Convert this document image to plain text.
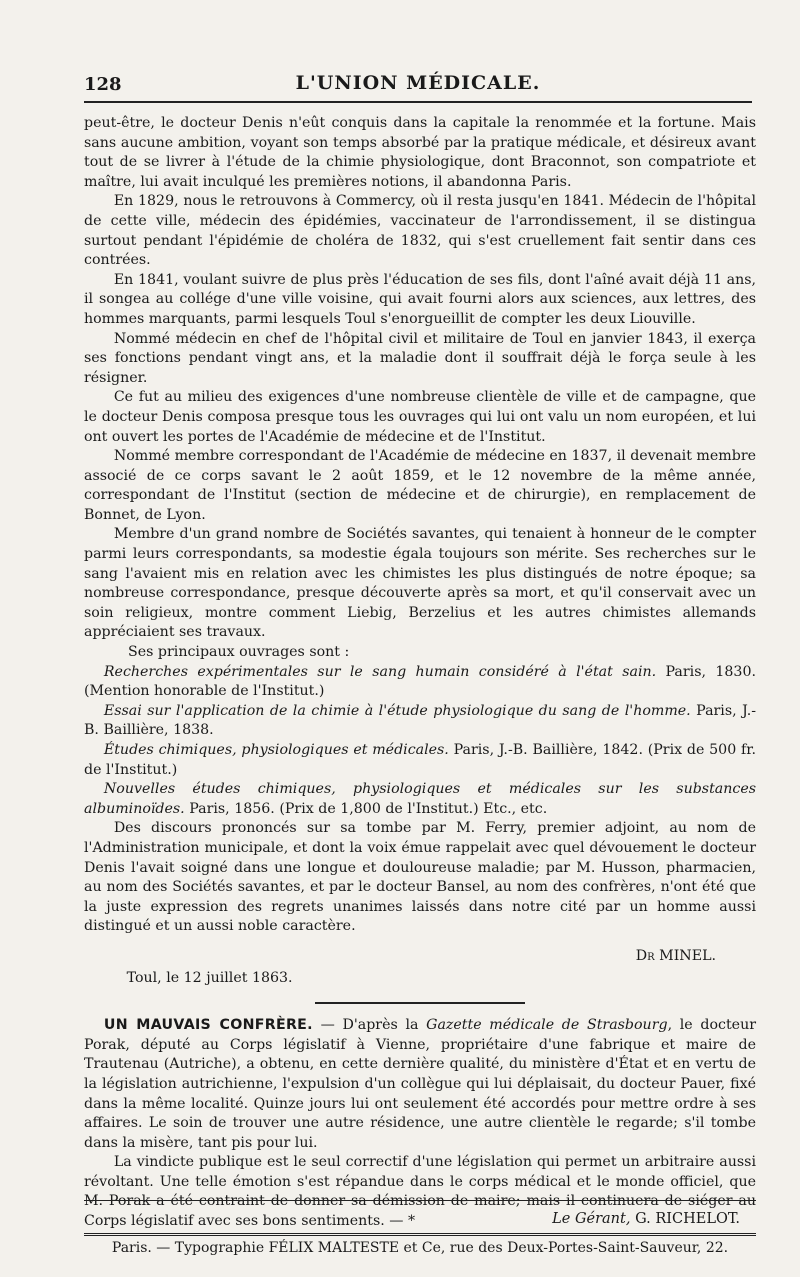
128	L'UNION MÉDICALE.

peut-être, le docteur Denis n'eût conquis dans la capitale la renommée et la fortune. Mais sans aucune ambition, voyant son temps absorbé par la pratique médicale, et désireux avant tout de se livrer à l'étude de la chimie physiologique, dont Braconnot, son compatriote et maître, lui avait inculqué les premières notions, il abandonna Paris.

En 1829, nous le retrouvons à Commercy, où il resta jusqu'en 1841. Médecin de l'hôpital de cette ville, médecin des épidémies, vaccinateur de l'arrondissement, il se distingua surtout pendant l'épidémie de choléra de 1832, qui s'est cruellement fait sentir dans ces contrées.

En 1841, voulant suivre de plus près l'éducation de ses fils, dont l'aîné avait déjà 11 ans, il songea au collége d'une ville voisine, qui avait fourni alors aux sciences, aux lettres, des hommes marquants, parmi lesquels Toul s'enorgueillit de compter les deux Liouville.

Nommé médecin en chef de l'hôpital civil et militaire de Toul en janvier 1843, il exerça ses fonctions pendant vingt ans, et la maladie dont il souffrait déjà le força seule à les résigner.

Ce fut au milieu des exigences d'une nombreuse clientèle de ville et de campagne, que le docteur Denis composa presque tous les ouvrages qui lui ont valu un nom européen, et lui ont ouvert les portes de l'Académie de médecine et de l'Institut.

Nommé membre correspondant de l'Académie de médecine en 1837, il devenait membre associé de ce corps savant le 2 août 1859, et le 12 novembre de la même année, correspondant de l'Institut (section de médecine et de chirurgie), en remplacement de Bonnet, de Lyon.

Membre d'un grand nombre de Sociétés savantes, qui tenaient à honneur de le compter parmi leurs correspondants, sa modestie égala toujours son mérite. Ses recherches sur le sang l'avaient mis en relation avec les chimistes les plus distingués de notre époque; sa nombreuse correspondance, presque découverte après sa mort, et qu'il conservait avec un soin religieux, montre comment Liebig, Berzelius et les autres chimistes allemands appréciaient ses travaux.

Ses principaux ouvrages sont :

Recherches expérimentales sur le sang humain considéré à l'état sain. Paris, 1830. (Mention honorable de l'Institut.)

Essai sur l'application de la chimie à l'étude physiologique du sang de l'homme. Paris, J.-B. Baillière, 1838.

Études chimiques, physiologiques et médicales. Paris, J.-B. Baillière, 1842. (Prix de 500 fr. de l'Institut.)

Nouvelles études chimiques, physiologiques et médicales sur les substances albuminoïdes. Paris, 1856. (Prix de 1,800 de l'Institut.) Etc., etc.

Des discours prononcés sur sa tombe par M. Ferry, premier adjoint, au nom de l'Administration municipale, et dont la voix émue rappelait avec quel dévouement le docteur Denis l'avait soigné dans une longue et douloureuse maladie; par M. Husson, pharmacien, au nom des Sociétés savantes, et par le docteur Bansel, au nom des confrères, n'ont été que la juste expression des regrets unanimes laissés dans notre cité par un homme aussi distingué et un aussi noble caractère.

Dr MINEL.
Toul, le 12 juillet 1863.

UN MAUVAIS CONFRÈRE. — D'après la Gazette médicale de Strasbourg, le docteur Porak, député au Corps législatif à Vienne, propriétaire d'une fabrique et maire de Trautenau (Autriche), a obtenu, en cette dernière qualité, du ministère d'État et en vertu de la législation autrichienne, l'expulsion d'un collègue qui lui déplaisait, du docteur Pauer, fixé dans la même localité. Quinze jours lui ont seulement été accordés pour mettre ordre à ses affaires. Le soin de trouver une autre résidence, une autre clientèle le regarde; s'il tombe dans la misère, tant pis pour lui.

La vindicte publique est le seul correctif d'une législation qui permet un arbitraire aussi révoltant. Une telle émotion s'est répandue dans le corps médical et le monde officiel, que M. Porak a été contraint de donner sa démission de maire; mais il continuera de siéger au Corps législatif avec ses bons sentiments. — *	Le Gérant, G. RICHELOT.
Paris. — Typographie FÉLIX MALTESTE et Ce, rue des Deux-Portes-Saint-Sauveur, 22.
